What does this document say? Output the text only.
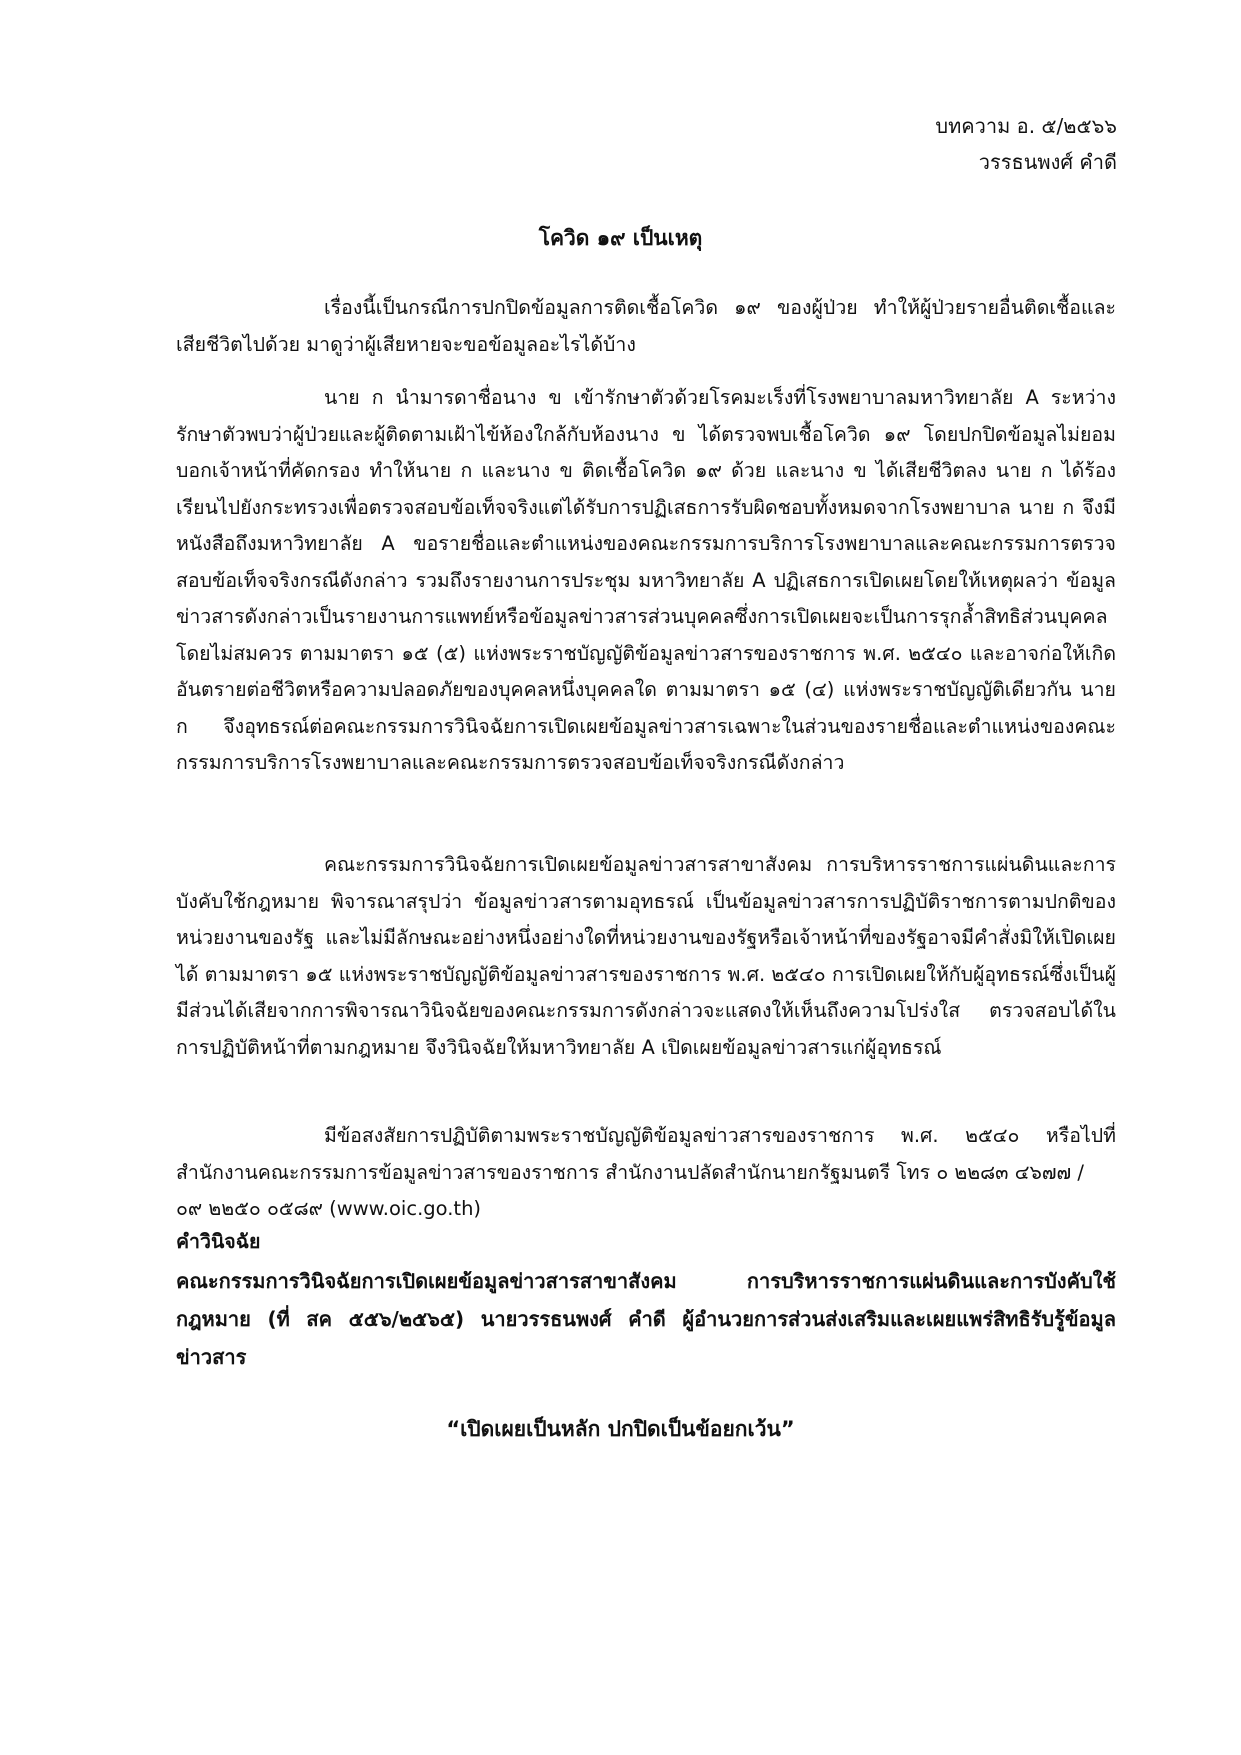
บทความ อ. ๕/๒๕๖๖
วรรธนพงศ์ คำดี
โควิด ๑๙ เป็นเหตุ

เรื่องนี้เป็นกรณีการปกปิดข้อมูลการติดเชื้อโควิด ๑๙ ของผู้ป่วย ทำให้ผู้ป่วยรายอื่นติดเชื้อและเสียชีวิตไปด้วย มาดูว่าผู้เสียหายจะขอข้อมูลอะไรได้บ้าง

นาย ก นำมารดาชื่อนาง ข เข้ารักษาตัวด้วยโรคมะเร็งที่โรงพยาบาลมหาวิทยาลัย A ระหว่างรักษาตัวพบว่าผู้ป่วยและผู้ติดตามเฝ้าไข้ห้องใกล้กับห้องนาง ข ได้ตรวจพบเชื้อโควิด ๑๙ โดยปกปิดข้อมูลไม่ยอมบอกเจ้าหน้าที่คัดกรอง ทำให้นาย ก และนาง ข ติดเชื้อโควิด ๑๙ ด้วย และนาง ข ได้เสียชีวิตลง นาย ก ได้ร้องเรียนไปยังกระทรวงเพื่อตรวจสอบข้อเท็จจริงแต่ได้รับการปฏิเสธการรับผิดชอบทั้งหมดจากโรงพยาบาล นาย ก จึงมีหนังสือถึงมหาวิทยาลัย A ขอรายชื่อและตำแหน่งของคณะกรรมการบริการโรงพยาบาลและคณะกรรมการตรวจสอบข้อเท็จจริงกรณีดังกล่าว รวมถึงรายงานการประชุม มหาวิทยาลัย A ปฏิเสธการเปิดเผยโดยให้เหตุผลว่า ข้อมูลข่าวสารดังกล่าวเป็นรายงานการแพทย์หรือข้อมูลข่าวสารส่วนบุคคลซึ่งการเปิดเผยจะเป็นการรุกล้ำสิทธิส่วนบุคคลโดยไม่สมควร ตามมาตรา ๑๕ (๕) แห่งพระราชบัญญัติข้อมูลข่าวสารของราชการ พ.ศ. ๒๕๔๐ และอาจก่อให้เกิดอันตรายต่อชีวิตหรือความปลอดภัยของบุคคลหนึ่งบุคคลใด ตามมาตรา ๑๕ (๔) แห่งพระราชบัญญัติเดียวกัน นาย ก จึงอุทธรณ์ต่อคณะกรรมการวินิจฉัยการเปิดเผยข้อมูลข่าวสารเฉพาะในส่วนของรายชื่อและตำแหน่งของคณะกรรมการบริการโรงพยาบาลและคณะกรรมการตรวจสอบข้อเท็จจริงกรณีดังกล่าว

คณะกรรมการวินิจฉัยการเปิดเผยข้อมูลข่าวสารสาขาสังคม การบริหารราชการแผ่นดินและการบังคับใช้กฎหมาย พิจารณาสรุปว่า ข้อมูลข่าวสารตามอุทธรณ์ เป็นข้อมูลข่าวสารการปฏิบัติราชการตามปกติของหน่วยงานของรัฐ และไม่มีลักษณะอย่างหนึ่งอย่างใดที่หน่วยงานของรัฐหรือเจ้าหน้าที่ของรัฐอาจมีคำสั่งมิให้เปิดเผยได้ ตามมาตรา ๑๕ แห่งพระราชบัญญัติข้อมูลข่าวสารของราชการ พ.ศ. ๒๕๔๐ การเปิดเผยให้กับผู้อุทธรณ์ซึ่งเป็นผู้มีส่วนได้เสียจากการพิจารณาวินิจฉัยของคณะกรรมการดังกล่าวจะแสดงให้เห็นถึงความโปร่งใส ตรวจสอบได้ในการปฏิบัติหน้าที่ตามกฎหมาย จึงวินิจฉัยให้มหาวิทยาลัย A เปิดเผยข้อมูลข่าวสารแก่ผู้อุทธรณ์

มีข้อสงสัยการปฏิบัติตามพระราชบัญญัติข้อมูลข่าวสารของราชการ พ.ศ. ๒๕๔๐ หรือไปที่สำนักงานคณะกรรมการข้อมูลข่าวสารของราชการ สำนักงานปลัดสำนักนายกรัฐมนตรี โทร ๐ ๒๒๘๓ ๔๖๗๗ /

๐๙ ๒๒๕๐ ๐๕๘๙ (www.oic.go.th)

คำวินิจฉัย
คณะกรรมการวินิจฉัยการเปิดเผยข้อมูลข่าวสารสาขาสังคม การบริหารราชการแผ่นดินและการบังคับใช้กฎหมาย (ที่ สค ๕๕๖/๒๕๖๕) นายวรรธนพงศ์ คำดี ผู้อำนวยการส่วนส่งเสริมและเผยแพร่สิทธิรับรู้ข้อมูลข่าวสาร
“เปิดเผยเป็นหลัก ปกปิดเป็นข้อยกเว้น”
